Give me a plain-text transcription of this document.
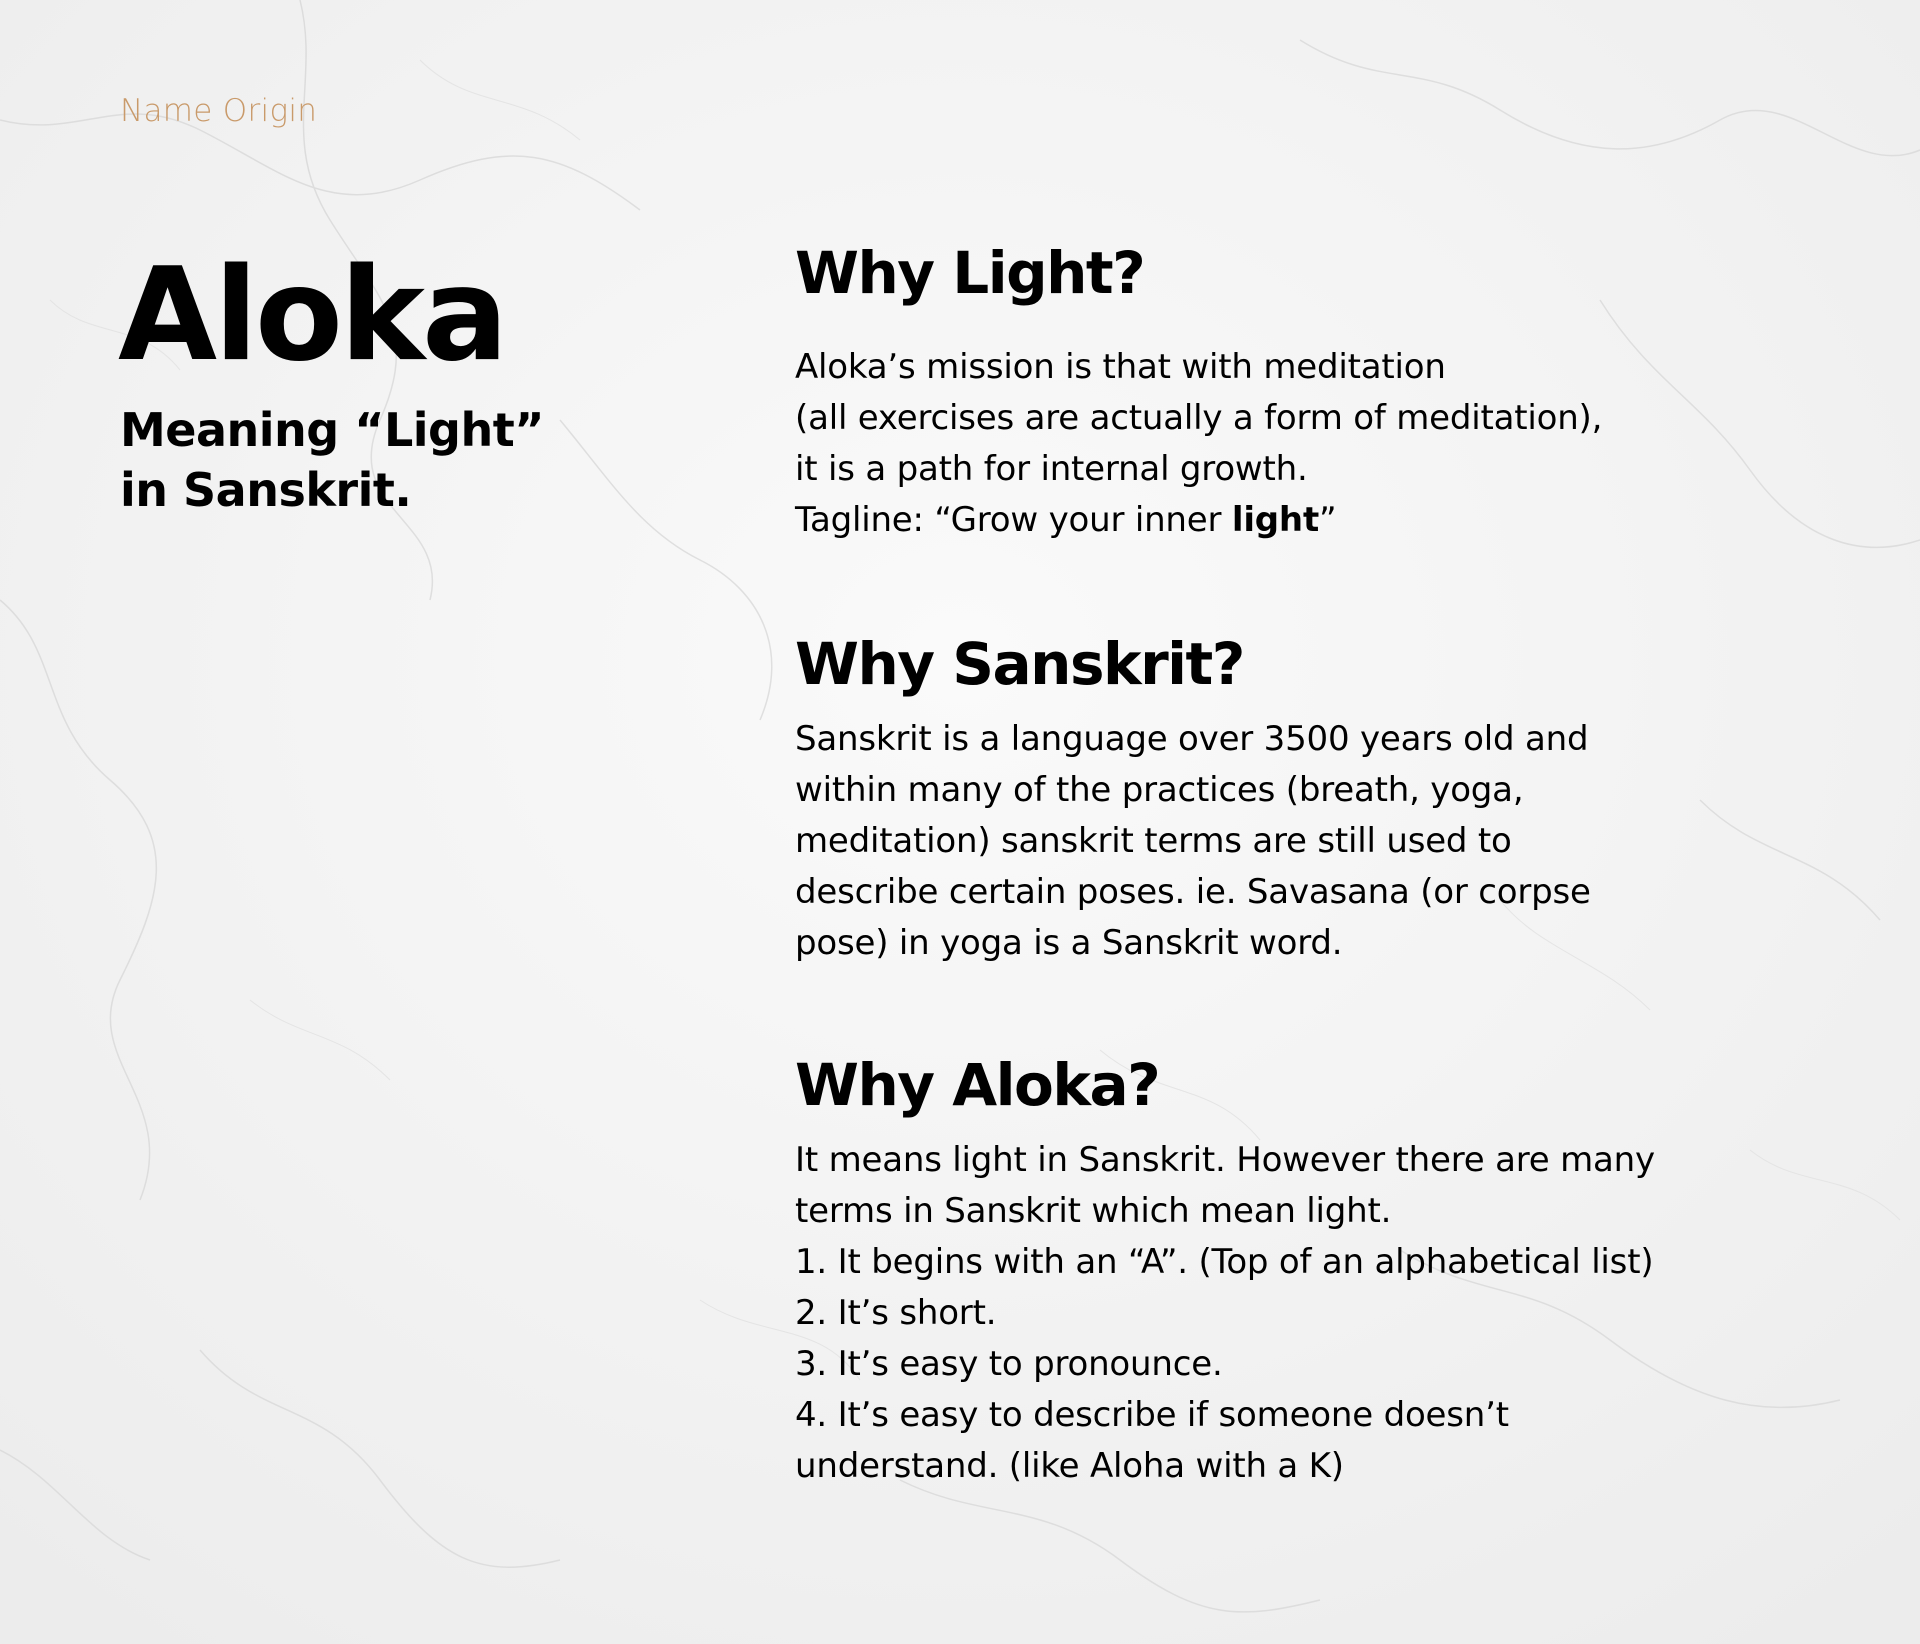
Name Origin
Aloka
Meaning “Light”
in Sanskrit.
Why Light?
Aloka’s mission is that with meditation
(all exercises are actually a form of meditation),
it is a path for internal growth.
Tagline: “Grow your inner light”
Why Sanskrit?
Sanskrit is a language over 3500 years old and
within many of the practices (breath, yoga,
meditation) sanskrit terms are still used to
describe certain poses. ie. Savasana (or corpse
pose) in yoga is a Sanskrit word.
Why Aloka?
It means light in Sanskrit. However there are many
terms in Sanskrit which mean light.
1. It begins with an “A”. (Top of an alphabetical list)
2. It’s short.
3. It’s easy to pronounce.
4. It’s easy to describe if someone doesn’t
understand. (like Aloha with a K)
